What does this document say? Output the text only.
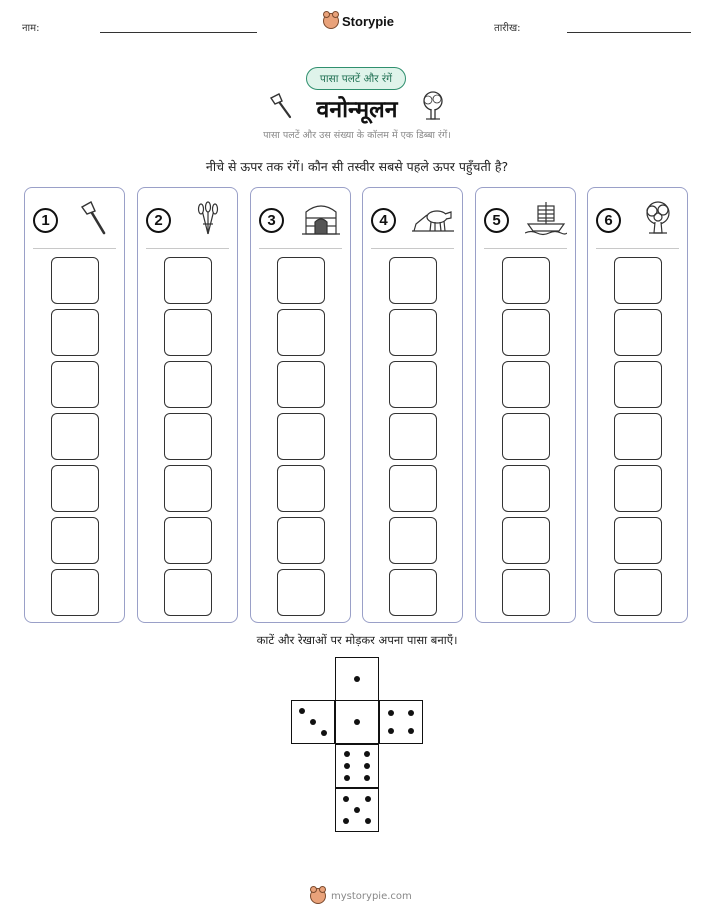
नाम:	Storypie	तारीख:
पासा पलटें और रंगें
वनोन्मूलन
पासा पलटें और उस संख्या के कॉलम में एक डिब्बा रंगें।
नीचे से ऊपर तक रंगें। कौन सी तस्वीर सबसे पहले ऊपर पहुँचती है?
1	2	3	4	5	6
काटें और रेखाओं पर मोड़कर अपना पासा बनाएँ।
mystorypie.com
